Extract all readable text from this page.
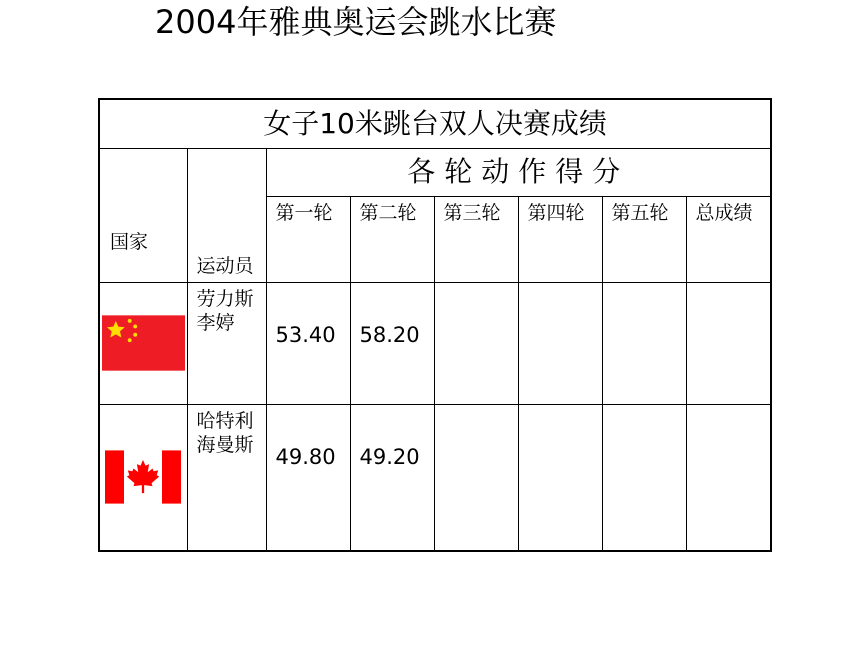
2004年雅典奥运会跳水比赛
女子10米跳台双人决赛成绩							
国家	运动员	各轮动作得分					
		第一轮	第二轮	第三轮	第四轮	第五轮	总成绩

劳力斯
李婷	53.40	58.20				

哈特利
海曼斯	49.80	49.20				
